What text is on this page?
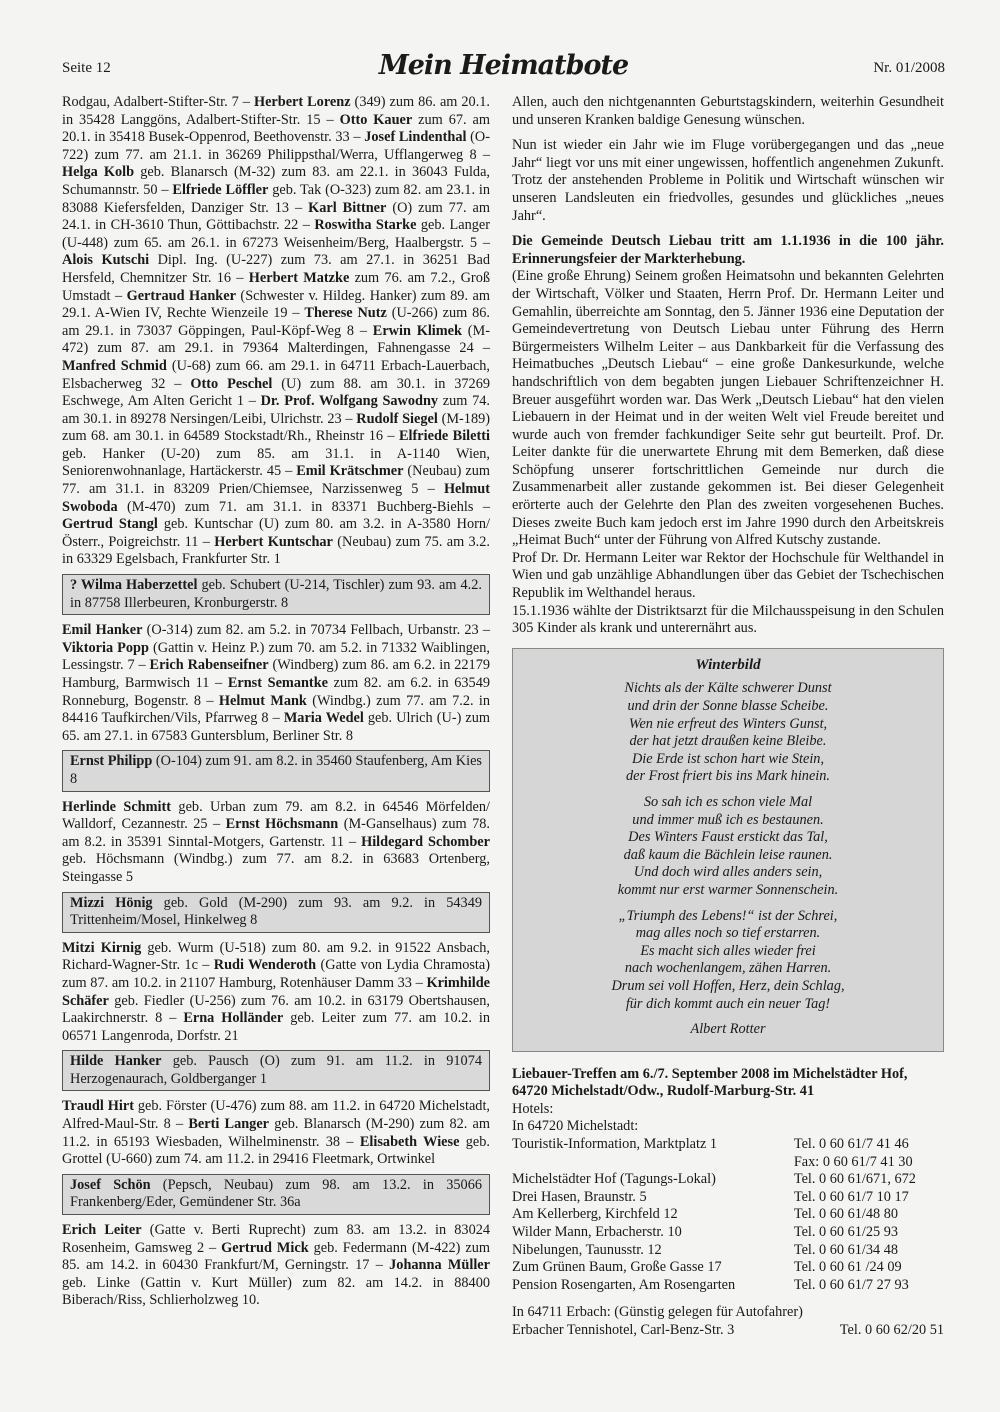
Seite 12	Mein Heimatbote	Nr. 01/2008

Rodgau, Adalbert-Stifter-Str. 7 – Herbert Lorenz (349) zum 86. am 20.1. in 35428 Langgöns, Adalbert-Stifter-Str. 15 – Otto Kauer zum 67. am 20.1. in 35418 Busek-Oppenrod, Beethovenstr. 33 – Josef Lindenthal (O-722) zum 77. am 21.1. in 36269 Philippsthal/Werra, Ufflangerweg 8 – Helga Kolb geb. Blanarsch (M-32) zum 83. am 22.1. in 36043 Fulda, Schumannstr. 50 – Elfriede Löffler geb. Tak (O-323) zum 82. am 23.1. in 83088 Kiefersfelden, Danziger Str. 13 – Karl Bittner (O) zum 77. am 24.1. in CH-3610 Thun, Göttibachstr. 22 – Roswitha Starke geb. Langer (U-448) zum 65. am 26.1. in 67273 Weisenheim/Berg, Haalbergstr. 5 – Alois Kutschi Dipl. Ing. (U-227) zum 73. am 27.1. in 36251 Bad Hersfeld, Chemnitzer Str. 16 – Herbert Matzke zum 76. am 7.2., Groß Umstadt – Gertraud Hanker (Schwester v. Hildeg. Hanker) zum 89. am 29.1. A-Wien IV, Rechte Wienzeile 19 – Therese Nutz (U-266) zum 86. am 29.1. in 73037 Göppingen, Paul-Köpf-Weg 8 – Erwin Klimek (M-472) zum 87. am 29.1. in 79364 Malterdingen, Fahnengasse 24 – Manfred Schmid (U-68) zum 66. am 29.1. in 64711 Erbach-Lauerbach, Elsbacherweg 32 – Otto Peschel (U) zum 88. am 30.1. in 37269 Eschwege, Am Alten Gericht 1 – Dr. Prof. Wolfgang Sawodny zum 74. am 30.1. in 89278 Nersingen/Leibi, Ulrichstr. 23 – Rudolf Siegel (M-189) zum 68. am 30.1. in 64589 Stockstadt/Rh., Rheinstr 16 – Elfriede Biletti geb. Hanker (U-20) zum 85. am 31.1. in A-1140 Wien, Seniorenwohnanlage, Hartäckerstr. 45 – Emil Krätschmer (Neubau) zum 77. am 31.1. in 83209 Prien/Chiemsee, Narzissenweg 5 – Helmut Swoboda (M-470) zum 71. am 31.1. in 83371 Buchberg-Biehls – Gertrud Stangl geb. Kuntschar (U) zum 80. am 3.2. in A-3580 Horn/Österr., Poigreichstr. 11 – Herbert Kuntschar (Neubau) zum 75. am 3.2. in 63329 Egelsbach, Frankfurter Str. 1

? Wilma Haberzettel geb. Schubert (U-214, Tischler) zum 93. am 4.2. in 87758 Illerbeuren, Kronburgerstr. 8

Emil Hanker (O-314) zum 82. am 5.2. in 70734 Fellbach, Urbanstr. 23 – Viktoria Popp (Gattin v. Heinz P.) zum 70. am 5.2. in 71332 Waiblingen, Lessingstr. 7 – Erich Rabenseifner (Windberg) zum 86. am 6.2. in 22179 Hamburg, Barmwisch 11 – Ernst Semantke zum 82. am 6.2. in 63549 Ronneburg, Bogenstr. 8 – Helmut Mank (Windbg.) zum 77. am 7.2. in 84416 Taufkirchen/Vils, Pfarrweg 8 – Maria Wedel geb. Ulrich (U-) zum 65. am 27.1. in 67583 Guntersblum, Berliner Str. 8

Ernst Philipp (O-104) zum 91. am 8.2. in 35460 Staufenberg, Am Kies 8

Herlinde Schmitt geb. Urban zum 79. am 8.2. in 64546 Mörfelden/ Walldorf, Cezannestr. 25 – Ernst Höchsmann (M-Ganselhaus) zum 78. am 8.2. in 35391 Sinntal-Motgers, Gartenstr. 11 – Hildegard Schomber geb. Höchsmann (Windbg.) zum 77. am 8.2. in 63683 Ortenberg, Steingasse 5

Mizzi Hönig geb. Gold (M-290) zum 93. am 9.2. in 54349 Trittenheim/Mosel, Hinkelweg 8

Mitzi Kirnig geb. Wurm (U-518) zum 80. am 9.2. in 91522 Ansbach, Richard-Wagner-Str. 1c – Rudi Wenderoth (Gatte von Lydia Chramosta) zum 87. am 10.2. in 21107 Hamburg, Rotenhäuser Damm 33 – Krimhilde Schäfer geb. Fiedler (U-256) zum 76. am 10.2. in 63179 Obertshausen, Laakirchnerstr. 8 – Erna Holländer geb. Leiter zum 77. am 10.2. in 06571 Langenroda, Dorfstr. 21

Hilde Hanker geb. Pausch (O) zum 91. am 11.2. in 91074 Herzogenaurach, Goldberganger 1

Traudl Hirt geb. Förster (U-476) zum 88. am 11.2. in 64720 Michelstadt, Alfred-Maul-Str. 8 – Berti Langer geb. Blanarsch (M-290) zum 82. am 11.2. in 65193 Wiesbaden, Wilhelminenstr. 38 – Elisabeth Wiese geb. Grottel (U-660) zum 74. am 11.2. in 29416 Fleetmark, Ortwinkel

Josef Schön (Pepsch, Neubau) zum 98. am 13.2. in 35066 Frankenberg/Eder, Gemündener Str. 36a

Erich Leiter (Gatte v. Berti Ruprecht) zum 83. am 13.2. in 83024 Rosenheim, Gamsweg 2 – Gertrud Mick geb. Federmann (M-422) zum 85. am 14.2. in 60430 Frankfurt/M, Gerningstr. 17 – Johanna Müller geb. Linke (Gattin v. Kurt Müller) zum 82. am 14.2. in 88400 Biberach/Riss, Schlierholzweg 10.

Allen, auch den nichtgenannten Geburtstagskindern, weiterhin Gesundheit und unseren Kranken baldige Genesung wünschen.

Nun ist wieder ein Jahr wie im Fluge vorübergegangen und das „neue Jahr“ liegt vor uns mit einer ungewissen, hoffentlich angenehmen Zukunft. Trotz der anstehenden Probleme in Politik und Wirtschaft wünschen wir unseren Landsleuten ein friedvolles, gesundes und glückliches „neues Jahr“.

Die Gemeinde Deutsch Liebau tritt am 1.1.1936 in die 100 jähr. Erinnerungsfeier der Markterhebung.

(Eine große Ehrung) Seinem großen Heimatsohn und bekannten Gelehrten der Wirtschaft, Völker und Staaten, Herrn Prof. Dr. Hermann Leiter und Gemahlin, überreichte am Sonntag, den 5. Jänner 1936 eine Deputation der Gemeindevertretung von Deutsch Liebau unter Führung des Herrn Bürgermeisters Wilhelm Leiter – aus Dankbarkeit für die Verfassung des Heimatbuches „Deutsch Liebau“ – eine große Dankesurkunde, welche handschriftlich von dem begabten jungen Liebauer Schriftenzeichner H. Breuer ausgeführt worden war. Das Werk „Deutsch Liebau“ hat den vielen Liebauern in der Heimat und in der weiten Welt viel Freude bereitet und wurde auch von fremder fachkundiger Seite sehr gut beurteilt. Prof. Dr. Leiter dankte für die unerwartete Ehrung mit dem Bemerken, daß diese Schöpfung unserer fortschrittlichen Gemeinde nur durch die Zusammenarbeit aller zustande gekommen ist. Bei dieser Gelegenheit erörterte auch der Gelehrte den Plan des zweiten vorgesehenen Buches. Dieses zweite Buch kam jedoch erst im Jahre 1990 durch den Arbeitskreis „Heimat Buch“ unter der Führung von Alfred Kutschy zustande.

Prof Dr. Dr. Hermann Leiter war Rektor der Hochschule für Welthandel in Wien und gab unzählige Abhandlungen über das Gebiet der Tschechischen Republik im Welthandel heraus.

15.1.1936 wählte der Distriktsarzt für die Milchausspeisung in den Schulen 305 Kinder als krank und unterernährt aus.

Winterbild
Nichts als der Kälte schwerer Dunst
und drin der Sonne blasse Scheibe.
Wen nie erfreut des Winters Gunst,
der hat jetzt draußen keine Bleibe.
Die Erde ist schon hart wie Stein,
der Frost friert bis ins Mark hinein.
So sah ich es schon viele Mal
und immer muß ich es bestaunen.
Des Winters Faust erstickt das Tal,
daß kaum die Bächlein leise raunen.
Und doch wird alles anders sein,
kommt nur erst warmer Sonnenschein.
„Triumph des Lebens!“ ist der Schrei,
mag alles noch so tief erstarren.
Es macht sich alles wieder frei
nach wochenlangem, zähen Harren.
Drum sei voll Hoffen, Herz, dein Schlag,
für dich kommt auch ein neuer Tag!
Albert Rotter
Liebauer-Treffen am 6./7. September 2008 im Michelstädter Hof, 64720 Michelstadt/Odw., Rudolf-Marburg-Str. 41
Hotels:
In 64720 Michelstadt:
Touristik-Information, Marktplatz 1	Tel. 0 60 61/7 41 46
	Fax: 0 60 61/7 41 30
Michelstädter Hof (Tagungs-Lokal)	Tel. 0 60 61/671, 672
Drei Hasen, Braunstr. 5	Tel. 0 60 61/7 10 17
Am Kellerberg, Kirchfeld 12	Tel. 0 60 61/48 80
Wilder Mann, Erbacherstr. 10	Tel. 0 60 61/25 93
Nibelungen, Taunusstr. 12	Tel. 0 60 61/34 48
Zum Grünen Baum, Große Gasse 17	Tel. 0 60 61 /24 09
Pension Rosengarten, Am Rosengarten	Tel. 0 60 61/7 27 93
In 64711 Erbach: (Günstig gelegen für Autofahrer)
Erbacher Tennishotel, Carl-Benz-Str. 3	Tel. 0 60 62/20 51
